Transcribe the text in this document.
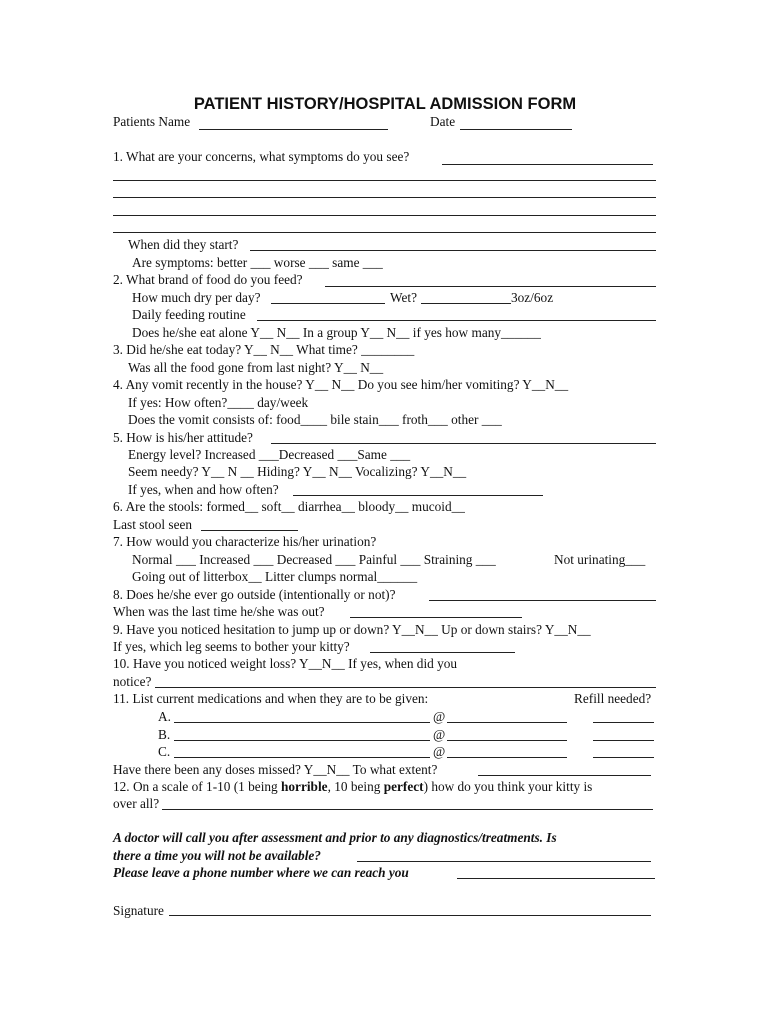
PATIENT HISTORY/HOSPITAL ADMISSION FORM
Patients Name	Date
1. What are your concerns, what symptoms do you see?
When did they start?
Are symptoms: better ___ worse ___ same ___
2. What brand of food do you feed?
How much dry per day?	Wet?	3oz/6oz
Daily feeding routine
Does he/she eat alone Y__ N__ In a group Y__ N__ if yes how many______
3. Did he/she eat today? Y__ N__ What time? ________
Was all the food gone from last night? Y__ N__
4. Any vomit recently in the house? Y__ N__ Do you see him/her vomiting? Y__N__
If yes: How often?____ day/week
Does the vomit consists of: food____ bile stain___ froth___ other ___
5. How is his/her attitude?
Energy level? Increased ___Decreased ___Same ___
Seem needy? Y__ N __ Hiding? Y__ N__ Vocalizing? Y__N__
If yes, when and how often?
6. Are the stools: formed__ soft__ diarrhea__ bloody__ mucoid__
Last stool seen
7. How would you characterize his/her urination?
Normal ___ Increased ___ Decreased ___ Painful ___ Straining ___	Not urinating___
Going out of litterbox__ Litter clumps normal______
8. Does he/she ever go outside (intentionally or not)?
When was the last time he/she was out?
9. Have you noticed hesitation to jump up or down? Y__N__ Up or down stairs? Y__N__
If yes, which leg seems to bother your kitty?
10. Have you noticed weight loss? Y__N__ If yes, when did you
notice?
11. List current medications and when they are to be given:	Refill needed?
A.	@
B.	@
C.	@
Have there been any doses missed? Y__N__ To what extent?
12. On a scale of 1-10 (1 being horrible, 10 being perfect) how do you think your kitty is
over all?
A doctor will call you after assessment and prior to any diagnostics/treatments. Is
there a time you will not be available?
Please leave a phone number where we can reach you
Signature
